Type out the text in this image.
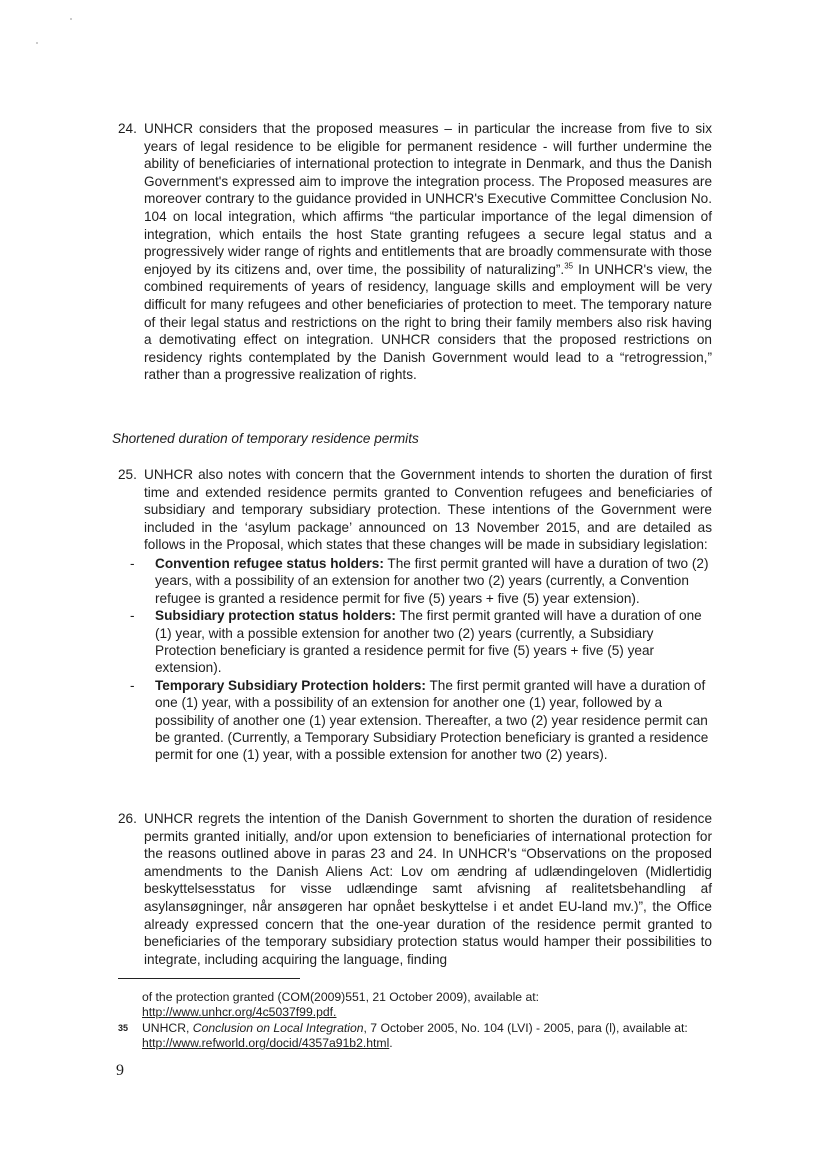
24. UNHCR considers that the proposed measures – in particular the increase from five to six years of legal residence to be eligible for permanent residence - will further undermine the ability of beneficiaries of international protection to integrate in Denmark, and thus the Danish Government's expressed aim to improve the integration process. The Proposed measures are moreover contrary to the guidance provided in UNHCR's Executive Committee Conclusion No. 104 on local integration, which affirms “the particular importance of the legal dimension of integration, which entails the host State granting refugees a secure legal status and a progressively wider range of rights and entitlements that are broadly commensurate with those enjoyed by its citizens and, over time, the possibility of naturalizing”.$^{35}$ In UNHCR's view, the combined requirements of years of residency, language skills and employment will be very difficult for many refugees and other beneficiaries of protection to meet. The temporary nature of their legal status and restrictions on the right to bring their family members also risk having a demotivating effect on integration. UNHCR considers that the proposed restrictions on residency rights contemplated by the Danish Government would lead to a “retrogression,” rather than a progressive realization of rights.

Shortened duration of temporary residence permits

25. UNHCR also notes with concern that the Government intends to shorten the duration of first time and extended residence permits granted to Convention refugees and beneficiaries of subsidiary and temporary subsidiary protection. These intentions of the Government were included in the ‘asylum package’ announced on 13 November 2015, and are detailed as follows in the Proposal, which states that these changes will be made in subsidiary legislation:

- Convention refugee status holders: The first permit granted will have a duration of two (2) years, with a possibility of an extension for another two (2) years (currently, a Convention refugee is granted a residence permit for five (5) years + five (5) year extension).
- Subsidiary protection status holders: The first permit granted will have a duration of one (1) year, with a possible extension for another two (2) years (currently, a Subsidiary Protection beneficiary is granted a residence permit for five (5) years + five (5) year extension).
- Temporary Subsidiary Protection holders: The first permit granted will have a duration of one (1) year, with a possibility of an extension for another one (1) year, followed by a possibility of another one (1) year extension. Thereafter, a two (2) year residence permit can be granted. (Currently, a Temporary Subsidiary Protection beneficiary is granted a residence permit for one (1) year, with a possible extension for another two (2) years).

26. UNHCR regrets the intention of the Danish Government to shorten the duration of residence permits granted initially, and/or upon extension to beneficiaries of international protection for the reasons outlined above in paras 23 and 24. In UNHCR's “Observations on the proposed amendments to the Danish Aliens Act: Lov om ændring af udlændingeloven (Midlertidig beskyttelsesstatus for visse udlændinge samt afvisning af realitetsbehandling af asylansøgninger, når ansøgeren har opnået beskyttelse i et andet EU-land mv.)”, the Office already expressed concern that the one-year duration of the residence permit granted to beneficiaries of the temporary subsidiary protection status would hamper their possibilities to integrate, including acquiring the language, finding

of the protection granted (COM(2009)551, 21 October 2009), available at:
http://www.unhcr.org/4c5037f99.pdf.

35	UNHCR, Conclusion on Local Integration, 7 October 2005, No. 104 (LVI) - 2005, para (l), available at: http://www.refworld.org/docid/4357a91b2.html.

9
